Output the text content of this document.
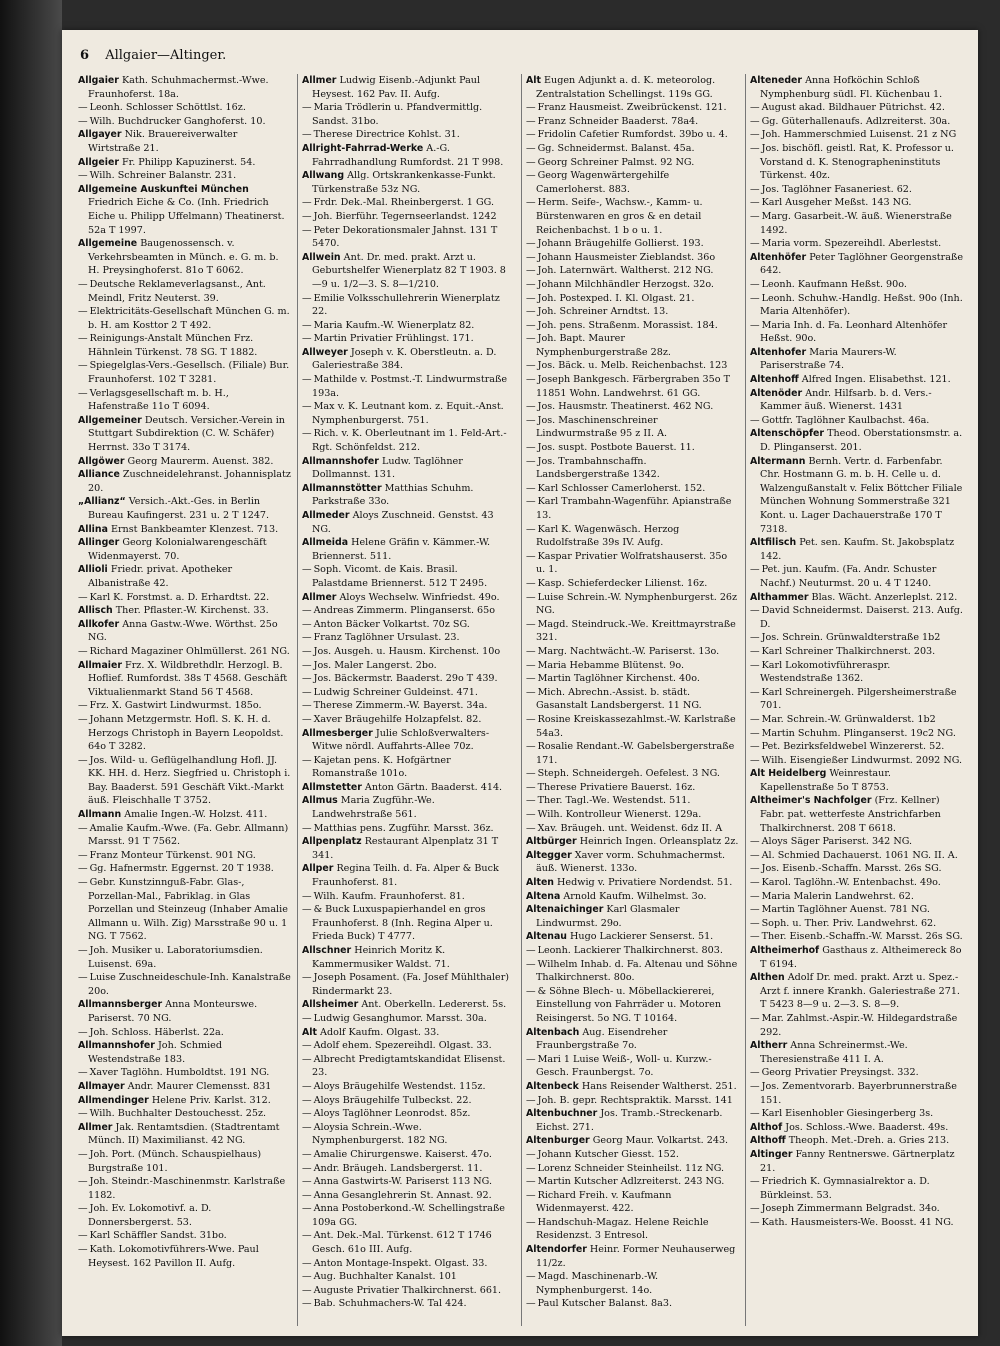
6 Allgaier—Altinger.
Allgaier Kath. Schuhmachermst.-Wwe. Fraunhoferst. 18a.
— Leonh. Schlosser Schöttlst. 16z.
— Wilh. Buchdrucker Ganghoferst. 10.
Allgayer Nik. Brauereiverwalter Wirtstraße 21.
Allgeier Fr. Philipp Kapuzinerst. 54.
— Wilh. Schreiner Balanstr. 231.
Allgemeine Auskunftei München Friedrich Eiche & Co. (Inh. Friedrich Eiche u. Philipp Uffelmann) Theatinerst. 52a T 1997.
Allgemeine Baugenossensch. v. Verkehrsbeamten in Münch. e. G. m. b. H. Preysinghoferst. 81o T 6062.
— Deutsche Reklameverlagsanst., Ant. Meindl, Fritz Neuterst. 39.
— Elektricitäts-Gesellschaft München G. m. b. H. am Kosttor 2 T 492.
— Reinigungs-Anstalt München Frz. Hähnlein Türkenst. 78 SG. T 1882.
— Spiegelglas-Vers.-Gesellsch. (Filiale) Bur. Fraunhoferst. 102 T 3281.
— Verlagsgesellschaft m. b. H., Hafenstraße 11o T 6094.
Allgemeiner Deutsch. Versicher.-Verein in Stuttgart Subdirektion (C. W. Schäfer) Herrnst. 33o T 3174.
Allgöwer Georg Maurerm. Auenst. 382.
Alliance Zuschneidelehranst. Johannisplatz 20.
„Allianz“ Versich.-Akt.-Ges. in Berlin Bureau Kaufingerst. 231 u. 2 T 1247.
Allina Ernst Bankbeamter Klenzest. 713.
Allinger Georg Kolonialwarengeschäft Widenmayerst. 70.
Allioli Friedr. privat. Apotheker Albanistraße 42.
— Karl K. Forstmst. a. D. Erhardtst. 22.
Allisch Ther. Pflaster.-W. Kirchenst. 33.
Allkofer Anna Gastw.-Wwe. Wörthst. 25o NG.
— Richard Magaziner Ohlmüllerst. 261 NG.
Allmaier Frz. X. Wildbrethdlr. Herzogl. B. Hoflief. Rumfordst. 38s T 4568. Geschäft Viktualienmarkt Stand 56 T 4568.
— Frz. X. Gastwirt Lindwurmst. 185o.
— Johann Metzgermstr. Hofl. S. K. H. d. Herzogs Christoph in Bayern Leopoldst. 64o T 3282.
— Jos. Wild- u. Geflügelhandlung Hofl. JJ. KK. HH. d. Herz. Siegfried u. Christoph i. Bay. Baaderst. 591 Geschäft Vikt.-Markt äuß. Fleischhalle T 3752.
Allmann Amalie Ingen.-W. Holzst. 411.
— Amalie Kaufm.-Wwe. (Fa. Gebr. Allmann) Marsst. 91 T 7562.
— Franz Monteur Türkenst. 901 NG.
— Gg. Hafnermstr. Eggernst. 20 T 1938.
— Gebr. Kunstzinnguß-Fabr. Glas-, Porzellan-Mal., Fabriklag. in Glas Porzellan und Steinzeug (Inhaber Amalie Allmann u. Wilh. Zig) Marsstraße 90 u. 1 NG. T 7562.
— Joh. Musiker u. Laboratoriumsdien. Luisenst. 69a.
— Luise Zuschneideschule-Inh. Kanalstraße 20o.
Allmannsberger Anna Monteurswe. Pariserst. 70 NG.
— Joh. Schloss. Häberlst. 22a.
Allmannshofer Joh. Schmied Westendstraße 183.
— Xaver Taglöhn. Humboldtst. 191 NG.
Allmayer Andr. Maurer Clemensst. 831
Allmendinger Helene Priv. Karlst. 312.
— Wilh. Buchhalter Destouchesst. 25z.
Allmer Jak. Rentamtsdien. (Stadtrentamt Münch. II) Maximilianst. 42 NG.
— Joh. Port. (Münch. Schauspielhaus) Burgstraße 101.
— Joh. Steindr.-Maschinenmstr. Karlstraße 1182.
— Joh. Ev. Lokomotivf. a. D. Donnersbergerst. 53.
— Karl Schäffler Sandst. 31bo.
— Kath. Lokomotivführers-Wwe. Paul Heysest. 162 Pavillon II. Aufg.
Allmer Ludwig Eisenb.-Adjunkt Paul Heysest. 162 Pav. II. Aufg.
— Maria Trödlerin u. Pfandvermittlg. Sandst. 31bo.
— Therese Directrice Kohlst. 31.
Allright-Fahrrad-Werke A.-G. Fahrradhandlung Rumfordst. 21 T 998.
Allwang Allg. Ortskrankenkasse-Funkt. Türkenstraße 53z NG.
— Frdr. Dek.-Mal. Rheinbergerst. 1 GG.
— Joh. Bierführ. Tegernseerlandst. 1242
— Peter Dekorationsmaler Jahnst. 131 T 5470.
Allwein Ant. Dr. med. prakt. Arzt u. Geburtshelfer Wienerplatz 82 T 1903. 8—9 u. 1/2—3. S. 8—1/210.
— Emilie Volksschullehrerin Wienerplatz 22.
— Maria Kaufm.-W. Wienerplatz 82.
— Martin Privatier Frühlingst. 171.
Allweyer Joseph v. K. Oberstleutn. a. D. Galeriestraße 384.
— Mathilde v. Postmst.-T. Lindwurmstraße 193a.
— Max v. K. Leutnant kom. z. Equit.-Anst. Nymphenburgerst. 751.
— Rich. v. K. Oberleutnant im 1. Feld-Art.-Rgt. Schönfeldst. 212.
Allmannshofer Ludw. Taglöhner Dollmannst. 131.
Allmannstötter Matthias Schuhm. Parkstraße 33o.
Allmeder Aloys Zuschneid. Genstst. 43 NG.
Allmeida Helene Gräfin v. Kämmer.-W. Briennerst. 511.
— Soph. Vicomt. de Kais. Brasil. Palastdame Briennerst. 512 T 2495.
Allmer Aloys Wechselw. Winfriedst. 49o.
— Andreas Zimmerm. Plinganserst. 65o
— Anton Bäcker Volkartst. 70z SG.
— Franz Taglöhner Ursulast. 23.
— Jos. Ausgeh. u. Hausm. Kirchenst. 10o
— Jos. Maler Langerst. 2bo.
— Jos. Bäckermstr. Baaderst. 29o T 439.
— Ludwig Schreiner Guldeinst. 471.
— Therese Zimmerm.-W. Bayerst. 34a.
— Xaver Bräugehilfe Holzapfelst. 82.
Allmesberger Julie Schloßverwalters-Witwe nördl. Auffahrts-Allee 70z.
— Kajetan pens. K. Hofgärtner Romanstraße 101o.
Allmstetter Anton Gärtn. Baaderst. 414.
Allmus Maria Zugführ.-We. Landwehrstraße 561.
— Matthias pens. Zugführ. Marsst. 36z.
Allpenplatz Restaurant Alpenplatz 31 T 341.
Allper Regina Teilh. d. Fa. Alper & Buck Fraunhoferst. 81.
— Wilh. Kaufm. Fraunhoferst. 81.
— & Buck Luxuspapierhandel en gros Fraunhoferst. 8 (Inh. Regina Alper u. Frieda Buck) T 4777.
Allschner Heinrich Moritz K. Kammermusiker Waldst. 71.
— Joseph Posament. (Fa. Josef Mühlthaler) Rindermarkt 23.
Allsheimer Ant. Oberkelln. Ledererst. 5s.
— Ludwig Gesanghumor. Marsst. 30a.
Alt Adolf Kaufm. Olgast. 33.
— Adolf ehem. Spezereihdl. Olgast. 33.
— Albrecht Predigtamtskandidat Elisenst. 23.
— Aloys Bräugehilfe Westendst. 115z.
— Aloys Bräugehilfe Tulbeckst. 22.
— Aloys Taglöhner Leonrodst. 85z.
— Aloysia Schrein.-Wwe. Nymphenburgerst. 182 NG.
— Amalie Chirurgenswe. Kaiserst. 47o.
— Andr. Bräugeh. Landsbergerst. 11.
— Anna Gastwirts-W. Pariserst 113 NG.
— Anna Gesanglehrerin St. Annast. 92.
— Anna Postoberkond.-W. Schellingstraße 109a GG.
— Ant. Dek.-Mal. Türkenst. 612 T 1746 Gesch. 61o III. Aufg.
— Anton Montage-Inspekt. Olgast. 33.
— Aug. Buchhalter Kanalst. 101
— Auguste Privatier Thalkirchnerst. 661.
— Bab. Schuhmachers-W. Tal 424.
Alt Eugen Adjunkt a. d. K. meteorolog. Zentralstation Schellingst. 119s GG.
— Franz Hausmeist. Zweibrückenst. 121.
— Franz Schneider Baaderst. 78a4.
— Fridolin Cafetier Rumfordst. 39bo u. 4.
— Gg. Schneidermst. Balanst. 45a.
— Georg Schreiner Palmst. 92 NG.
— Georg Wagenwärtergehilfe Camerloherst. 883.
— Herm. Seife-, Wachsw.-, Kamm- u. Bürstenwaren en gros & en detail Reichenbachst. 1 b o u. 1.
— Johann Bräugehilfe Gollierst. 193.
— Johann Hausmeister Zieblandst. 36o
— Joh. Laternwärt. Waltherst. 212 NG.
— Johann Milchhändler Herzogst. 32o.
— Joh. Postexped. I. Kl. Olgast. 21.
— Joh. Schreiner Arndtst. 13.
— Joh. pens. Straßenm. Morassist. 184.
— Joh. Bapt. Maurer Nymphenburgerstraße 28z.
— Jos. Bäck. u. Melb. Reichenbachst. 123
— Joseph Bankgesch. Färbergraben 35o T 11851 Wohn. Landwehrst. 61 GG.
— Jos. Hausmstr. Theatinerst. 462 NG.
— Jos. Maschinenschreiner Lindwurmstraße 95 z II. A.
— Jos. suspt. Postbote Bauerst. 11.
— Jos. Trambahnschaffn. Landsbergerstraße 1342.
— Karl Schlosser Camerloherst. 152.
— Karl Trambahn-Wagenführ. Apianstraße 13.
— Karl K. Wagenwäsch. Herzog Rudolfstraße 39s IV. Aufg.
— Kaspar Privatier Wolfratshauserst. 35o u. 1.
— Kasp. Schieferdecker Lilienst. 16z.
— Luise Schrein.-W. Nymphenburgerst. 26z NG.
— Magd. Steindruck.-We. Kreittmayrstraße 321.
— Marg. Nachtwächt.-W. Pariserst. 13o.
— Maria Hebamme Blütenst. 9o.
— Martin Taglöhner Kirchenst. 40o.
— Mich. Abrechn.-Assist. b. städt. Gasanstalt Landsbergerst. 11 NG.
— Rosine Kreiskassezahlmst.-W. Karlstraße 54a3.
— Rosalie Rendant.-W. Gabelsbergerstraße 171.
— Steph. Schneidergeh. Oefelest. 3 NG.
— Therese Privatiere Bauerst. 16z.
— Ther. Tagl.-We. Westendst. 511.
— Wilh. Kontrolleur Wienerst. 129a.
— Xav. Bräugeh. unt. Weidenst. 6dz II. A
Altbürger Heinrich Ingen. Orleansplatz 2z.
Altegger Xaver vorm. Schuhmachermst. äuß. Wienerst. 133o.
Alten Hedwig v. Privatiere Nordendst. 51.
Altena Arnold Kaufm. Wilhelmst. 3o.
Altenaichinger Karl Glasmaler Lindwurmst. 29o.
Altenau Hugo Lackierer Senserst. 51.
— Leonh. Lackierer Thalkirchnerst. 803.
— Wilhelm Inhab. d. Fa. Altenau und Söhne Thalkirchnerst. 80o.
— & Söhne Blech- u. Möbellackiererei, Einstellung von Fahrräder u. Motoren Reisingerst. 5o NG. T 10164.
Altenbach Aug. Eisendreher Fraunbergstraße 7o.
— Mari 1 Luise Weiß-, Woll- u. Kurzw.-Gesch. Fraunbergst. 7o.
Altenbeck Hans Reisender Waltherst. 251.
— Joh. B. gepr. Rechtspraktik. Marsst. 141
Altenbuchner Jos. Tramb.-Streckenarb. Eichst. 271.
Altenburger Georg Maur. Volkartst. 243.
— Johann Kutscher Giesst. 152.
— Lorenz Schneider Steinheilst. 11z NG.
— Martin Kutscher Adlzreiterst. 243 NG.
— Richard Freih. v. Kaufmann Widenmayerst. 422.
— Handschuh-Magaz. Helene Reichle Residenzst. 3 Entresol.
Altendorfer Heinr. Former Neuhauserweg 11/2z.
— Magd. Maschinenarb.-W. Nymphenburgerst. 14o.
— Paul Kutscher Balanst. 8a3.
Alteneder Anna Hofköchin Schloß Nymphenburg südl. Fl. Küchenbau 1.
— August akad. Bildhauer Pütrichst. 42.
— Gg. Güterhallenaufs. Adlzreiterst. 30a.
— Joh. Hammerschmied Luisenst. 21 z NG
— Jos. bischöfl. geistl. Rat, K. Professor u. Vorstand d. K. Stenographeninstituts Türkenst. 40z.
— Jos. Taglöhner Fasaneriest. 62.
— Karl Ausgeher Meßst. 143 NG.
— Marg. Gasarbeit.-W. äuß. Wienerstraße 1492.
— Maria vorm. Spezereihdl. Aberlestst.
Altenhöfer Peter Taglöhner Georgenstraße 642.
— Leonh. Kaufmann Heßst. 90o.
— Leonh. Schuhw.-Handlg. Heßst. 90o (Inh. Maria Altenhöfer).
— Maria Inh. d. Fa. Leonhard Altenhöfer Heßst. 90o.
Altenhofer Maria Maurers-W. Pariserstraße 74.
Altenhoff Alfred Ingen. Elisabethst. 121.
Altenöder Andr. Hilfsarb. b. d. Vers.-Kammer äuß. Wienerst. 1431
— Gottfr. Taglöhner Kaulbachst. 46a.
Altenschöpfer Theod. Oberstationsmstr. a. D. Plinganserst. 201.
Altermann Bernh. Vertr. d. Farbenfabr. Chr. Hostmann G. m. b. H. Celle u. d. Walzengußanstalt v. Felix Böttcher Filiale München Wohnung Sommerstraße 321 Kont. u. Lager Dachauerstraße 170 T 7318.
Altfilisch Pet. sen. Kaufm. St. Jakobsplatz 142.
— Pet. jun. Kaufm. (Fa. Andr. Schuster Nachf.) Neuturmst. 20 u. 4 T 1240.
Althammer Blas. Wächt. Anzerleplst. 212.
— David Schneidermst. Daiserst. 213. Aufg. D.
— Jos. Schrein. Grünwaldterstraße 1b2
— Karl Schreiner Thalkirchnerst. 203.
— Karl Lokomotivführeraspr. Westendstraße 1362.
— Karl Schreinergeh. Pilgersheimerstraße 701.
— Mar. Schrein.-W. Grünwalderst. 1b2
— Martin Schuhm. Plinganserst. 19c2 NG.
— Pet. Bezirksfeldwebel Winzererst. 52.
— Wilh. Eisengießer Lindwurmst. 2092 NG.
Alt Heidelberg Weinrestaur. Kapellenstraße 5o T 8753.
Altheimer's Nachfolger (Frz. Kellner) Fabr. pat. wetterfeste Anstrichfarben Thalkirchnerst. 208 T 6618.
— Aloys Säger Pariserst. 342 NG.
— Al. Schmied Dachauerst. 1061 NG. II. A.
— Jos. Eisenb.-Schaffn. Marsst. 26s SG.
— Karol. Taglöhn.-W. Entenbachst. 49o.
— Maria Malerin Landwehrst. 62.
— Martin Taglöhner Auenst. 781 NG.
— Soph. u. Ther. Priv. Landwehrst. 62.
— Ther. Eisenb.-Schaffn.-W. Marsst. 26s SG.
Altheimerhof Gasthaus z. Altheimereck 8o T 6194.
Althen Adolf Dr. med. prakt. Arzt u. Spez.-Arzt f. innere Krankh. Galeriestraße 271. T 5423 8—9 u. 2—3. S. 8—9.
— Mar. Zahlmst.-Aspir.-W. Hildegardstraße 292.
Altherr Anna Schreinermst.-We. Theresienstraße 411 I. A.
— Georg Privatier Preysingst. 332.
— Jos. Zementvorarb. Bayerbrunnerstraße 151.
— Karl Eisenhobler Giesingerberg 3s.
Althof Jos. Schloss.-Wwe. Baaderst. 49s.
Althoff Theoph. Met.-Dreh. a. Gries 213.
Altinger Fanny Rentnerswe. Gärtnerplatz 21.
— Friedrich K. Gymnasialrektor a. D. Bürkleinst. 53.
— Joseph Zimmermann Belgradst. 34o.
— Kath. Hausmeisters-We. Boosst. 41 NG.
